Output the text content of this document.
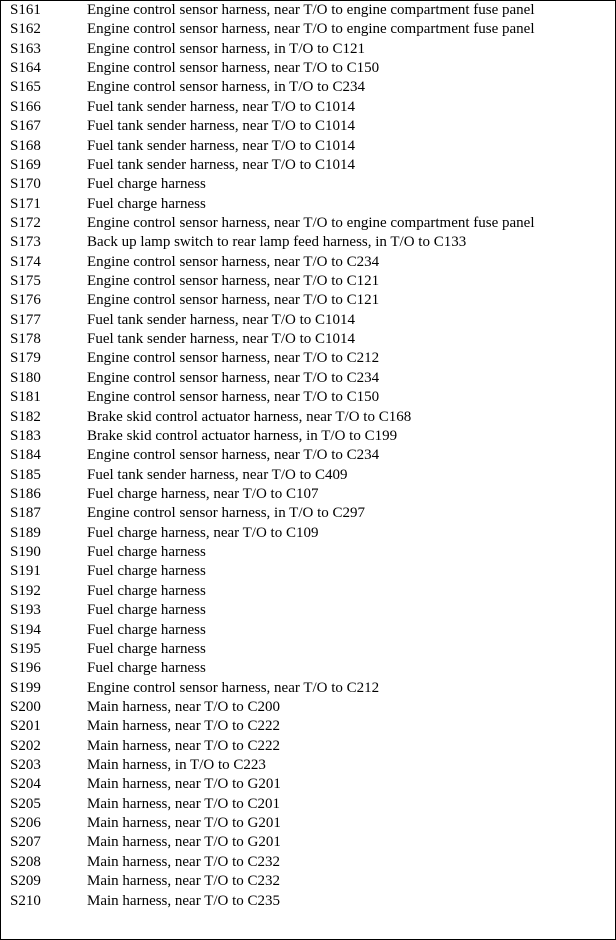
S161	Engine control sensor harness, near T/O to engine compartment fuse panel
S162	Engine control sensor harness, near T/O to engine compartment fuse panel
S163	Engine control sensor harness, in T/O to C121
S164	Engine control sensor harness, near T/O to C150
S165	Engine control sensor harness, in T/O to C234
S166	Fuel tank sender harness, near T/O to C1014
S167	Fuel tank sender harness, near T/O to C1014
S168	Fuel tank sender harness, near T/O to C1014
S169	Fuel tank sender harness, near T/O to C1014
S170	Fuel charge harness
S171	Fuel charge harness
S172	Engine control sensor harness, near T/O to engine compartment fuse panel
S173	Back up lamp switch to rear lamp feed harness, in T/O to C133
S174	Engine control sensor harness, near T/O to C234
S175	Engine control sensor harness, near T/O to C121
S176	Engine control sensor harness, near T/O to C121
S177	Fuel tank sender harness, near T/O to C1014
S178	Fuel tank sender harness, near T/O to C1014
S179	Engine control sensor harness, near T/O to C212
S180	Engine control sensor harness, near T/O to C234
S181	Engine control sensor harness, near T/O to C150
S182	Brake skid control actuator harness, near T/O to C168
S183	Brake skid control actuator harness, in T/O to C199
S184	Engine control sensor harness, near T/O to C234
S185	Fuel tank sender harness, near T/O to C409
S186	Fuel charge harness, near T/O to C107
S187	Engine control sensor harness, in T/O to C297
S189	Fuel charge harness, near T/O to C109
S190	Fuel charge harness
S191	Fuel charge harness
S192	Fuel charge harness
S193	Fuel charge harness
S194	Fuel charge harness
S195	Fuel charge harness
S196	Fuel charge harness
S199	Engine control sensor harness, near T/O to C212
S200	Main harness, near T/O to C200
S201	Main harness, near T/O to C222
S202	Main harness, near T/O to C222
S203	Main harness, in T/O to C223
S204	Main harness, near T/O to G201
S205	Main harness, near T/O to C201
S206	Main harness, near T/O to G201
S207	Main harness, near T/O to G201
S208	Main harness, near T/O to C232
S209	Main harness, near T/O to C232
S210	Main harness, near T/O to C235
